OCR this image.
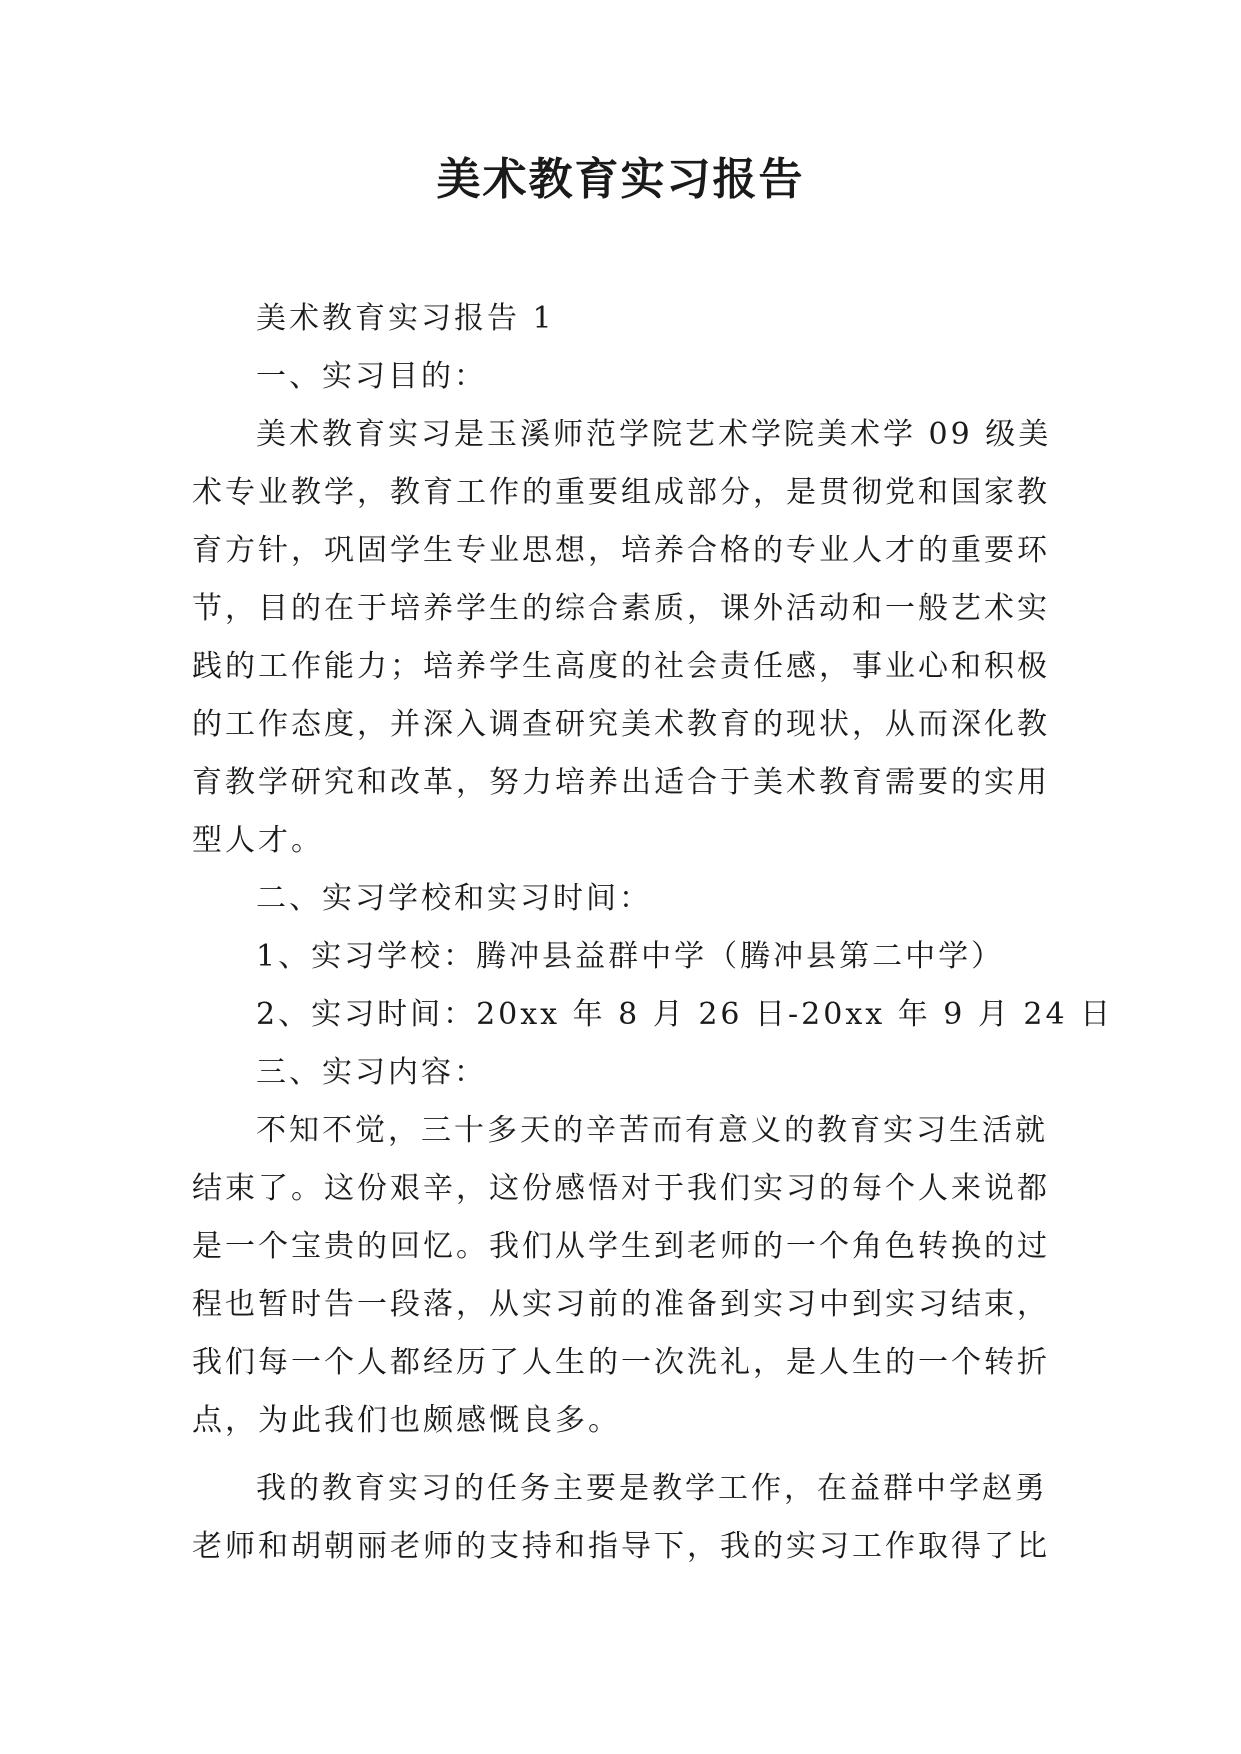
美术教育实习报告
美术教育实习报告 1
一、实习目的：
美术教育实习是玉溪师范学院艺术学院美术学 09 级美
术专业教学，教育工作的重要组成部分，是贯彻党和国家教
育方针，巩固学生专业思想，培养合格的专业人才的重要环
节，目的在于培养学生的综合素质，课外活动和一般艺术实
践的工作能力；培养学生高度的社会责任感，事业心和积极
的工作态度，并深入调查研究美术教育的现状，从而深化教
育教学研究和改革，努力培养出适合于美术教育需要的实用
型人才。
二、实习学校和实习时间：
1、实习学校：腾冲县益群中学（腾冲县第二中学）
2、实习时间：20xx 年 8 月 26 日-20xx 年 9 月 24 日
三、实习内容：
不知不觉，三十多天的辛苦而有意义的教育实习生活就
结束了。这份艰辛，这份感悟对于我们实习的每个人来说都
是一个宝贵的回忆。我们从学生到老师的一个角色转换的过
程也暂时告一段落，从实习前的准备到实习中到实习结束，
我们每一个人都经历了人生的一次洗礼，是人生的一个转折
点，为此我们也颇感慨良多。
我的教育实习的任务主要是教学工作，在益群中学赵勇
老师和胡朝丽老师的支持和指导下，我的实习工作取得了比
